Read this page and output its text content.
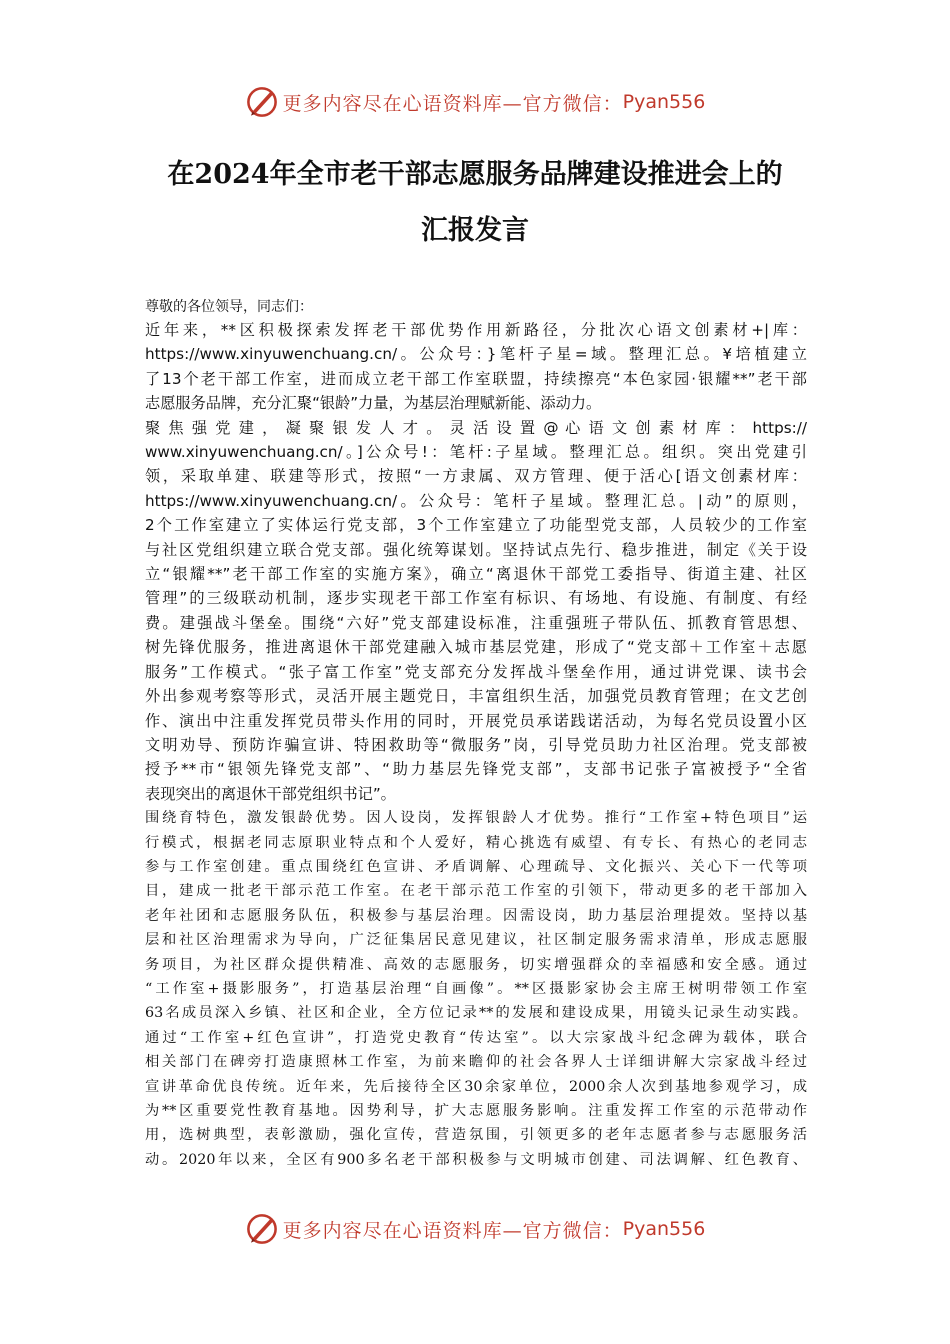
更多内容尽在心语资料库—官方微信： Pyan556
在2024年全市老干部志愿服务品牌建设推进会上的
汇报发言

尊敬的各位领导，同志们：

近年来，**区积极探索发挥老干部优势作用新路径，分批次心语文创素材+|库：
https://www.xinyuwenchuang.cn/。公众号：}笔杆子星=域。整理汇总。¥培植建立
了13个老干部工作室，进而成立老干部工作室联盟，持续擦亮“本色家园·银耀**”老干部
志愿服务品牌，充分汇聚“银龄”力量，为基层治理赋新能、添动力。

聚 焦 强 党 建 ， 凝 聚 银 发 人 才 。 灵 活 设 置 @ 心 语 文 创 素 材 库 ： https://
www.xinyuwenchuang.cn/。]公众号!：笔杆:子星域。整理汇总。组织。突出党建引
领，采取单建、联建等形式，按照“一方隶属、双方管理、便于活心[语文创素材库：
https://www.xinyuwenchuang.cn/。公众号：笔杆子星域。整理汇总。|动”的原则，
2个工作室建立了实体运行党支部，3个工作室建立了功能型党支部，人员较少的工作室
与社区党组织建立联合党支部。强化统筹谋划。坚持试点先行、稳步推进，制定《关于设
立“银耀**”老干部工作室的实施方案》，确立“离退休干部党工委指导、街道主建、社区
管理”的三级联动机制，逐步实现老干部工作室有标识、有场地、有设施、有制度、有经
费。建强战斗堡垒。围绕“六好”党支部建设标准，注重强班子带队伍、抓教育管思想、
树先锋优服务，推进离退休干部党建融入城市基层党建，形成了“党支部＋工作室＋志愿
服务”工作模式。“张子富工作室”党支部充分发挥战斗堡垒作用，通过讲党课、读书会
外出参观考察等形式，灵活开展主题党日，丰富组织生活，加强党员教育管理；在文艺创
作、演出中注重发挥党员带头作用的同时，开展党员承诺践诺活动，为每名党员设置小区
文明劝导、预防诈骗宣讲、特困救助等“微服务”岗，引导党员助力社区治理。党支部被
授予**市“银领先锋党支部”、“助力基层先锋党支部”，支部书记张子富被授予“全省
表现突出的离退休干部党组织书记”。

围绕育特色，激发银龄优势。因人设岗，发挥银龄人才优势。推行“工作室+特色项目”运
行模式，根据老同志原职业特点和个人爱好，精心挑选有威望、有专长、有热心的老同志
参与工作室创建。重点围绕红色宣讲、矛盾调解、心理疏导、文化振兴、关心下一代等项
目，建成一批老干部示范工作室。在老干部示范工作室的引领下，带动更多的老干部加入
老年社团和志愿服务队伍，积极参与基层治理。因需设岗，助力基层治理提效。坚持以基
层和社区治理需求为导向，广泛征集居民意见建议，社区制定服务需求清单，形成志愿服
务项目，为社区群众提供精准、高效的志愿服务，切实增强群众的幸福感和安全感。通过
“工作室+摄影服务”，打造基层治理“自画像”。**区摄影家协会主席王树明带领工作室
63名成员深入乡镇、社区和企业，全方位记录**的发展和建设成果，用镜头记录生动实践。
通过“工作室+红色宣讲”，打造党史教育“传达室”。以大宗家战斗纪念碑为载体，联合
相关部门在碑旁打造康照林工作室，为前来瞻仰的社会各界人士详细讲解大宗家战斗经过
宣讲革命优良传统。近年来，先后接待全区30余家单位，2000余人次到基地参观学习，成
为**区重要党性教育基地。因势利导，扩大志愿服务影响。注重发挥工作室的示范带动作
用，选树典型，表彰激励，强化宣传，营造氛围，引领更多的老年志愿者参与志愿服务活
动。2020年以来，全区有900多名老干部积极参与文明城市创建、司法调解、红色教育、

更多内容尽在心语资料库—官方微信： Pyan556
